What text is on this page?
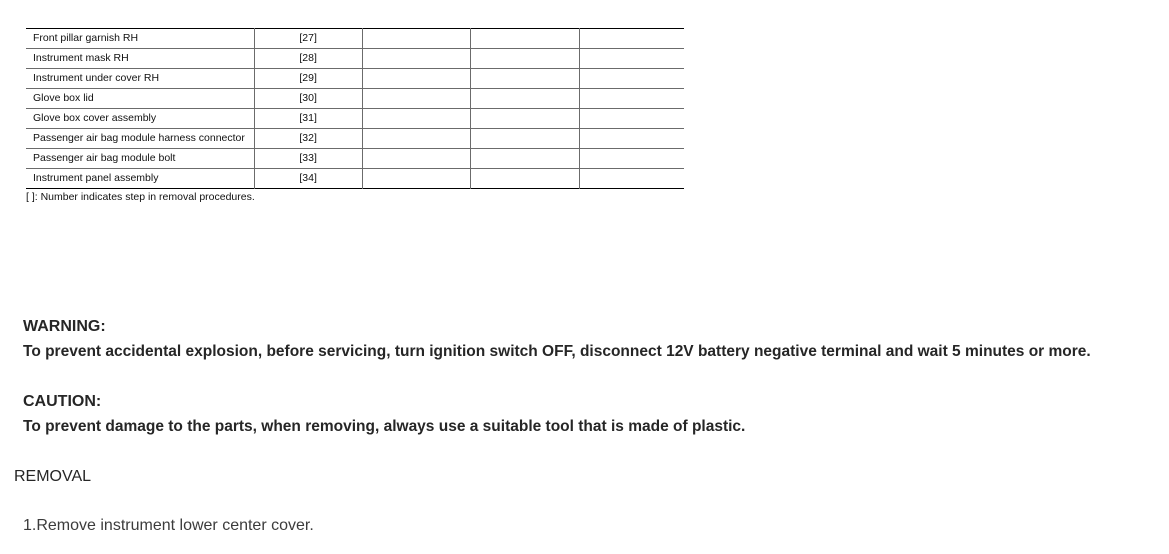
Front pillar garnish RH	[27]			
Instrument mask RH	[28]			
Instrument under cover RH	[29]			
Glove box lid	[30]			
Glove box cover assembly	[31]			
Passenger air bag module harness connector	[32]			
Passenger air bag module bolt	[33]			
Instrument panel assembly	[34]			
[ ]: Number indicates step in removal procedures.
WARNING:
To prevent accidental explosion, before servicing, turn ignition switch OFF, disconnect 12V battery negative terminal and wait 5 minutes or more.
CAUTION:
To prevent damage to the parts, when removing, always use a suitable tool that is made of plastic.
REMOVAL
1.Remove instrument lower center cover.
